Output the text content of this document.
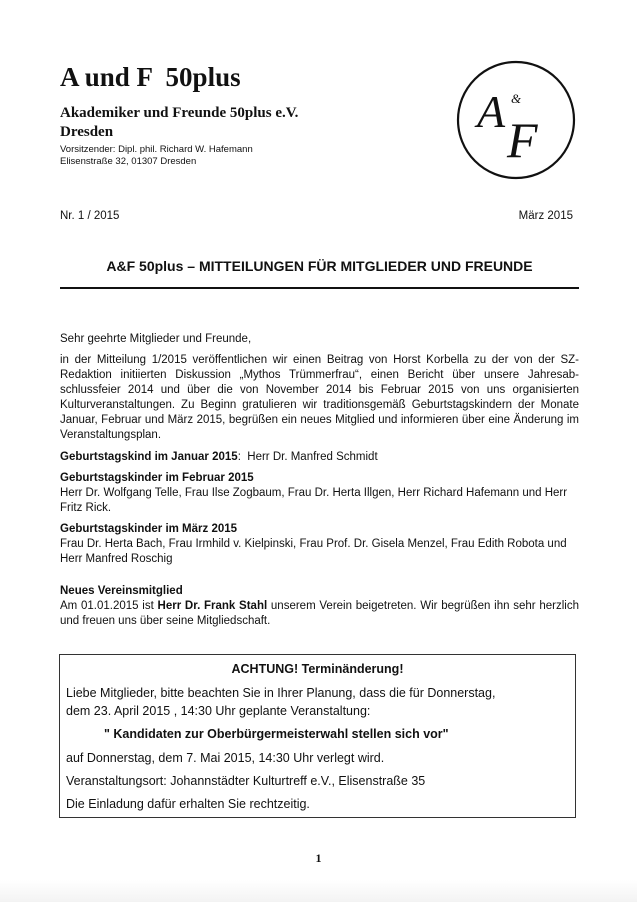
A und F  50plus
Akademiker und Freunde 50plus e.V.
Dresden
Vorsitzender: Dipl. phil. Richard W. Hafemann
Elisenstraße 32, 01307 Dresden
A &
F
Nr. 1 / 2015	März 2015
A&F 50plus – MITTEILUNGEN FÜR MITGLIEDER UND FREUNDE

Sehr geehrte Mitglieder und Freunde,

in der Mitteilung 1/2015 veröffentlichen wir einen Beitrag von Horst Korbella zu der von der SZ-Redaktion initiierten Diskussion „Mythos Trümmerfrau“, einen Bericht über unsere Jahresab-schlussfeier 2014 und über die von November 2014 bis Februar 2015 von uns organisierten Kulturveranstaltungen. Zu Beginn gratulieren wir traditionsgemäß Geburtstagskindern der Monate Januar, Februar und März 2015, begrüßen ein neues Mitglied und informieren über eine Änderung im Veranstaltungsplan.

Geburtstagskind im Januar 2015: Herr Dr. Manfred Schmidt

Geburtstagskinder im Februar 2015

Herr Dr. Wolfgang Telle, Frau Ilse Zogbaum, Frau Dr. Herta Illgen, Herr Richard Hafemann und Herr Fritz Rick.

Geburtstagskinder im März 2015

Frau Dr. Herta Bach, Frau Irmhild v. Kielpinski, Frau Prof. Dr. Gisela Menzel, Frau Edith Robota und Herr Manfred Roschig

Neues Vereinsmitglied

Am 01.01.2015 ist Herr Dr. Frank Stahl unserem Verein beigetreten. Wir begrüßen ihn sehr herzlich und freuen uns über seine Mitgliedschaft.

ACHTUNG! Terminänderung!
Liebe Mitglieder, bitte beachten Sie in Ihrer Planung, dass die für Donnerstag,
dem 23. April 2015 , 14:30 Uhr geplante Veranstaltung:
" Kandidaten zur Oberbürgermeisterwahl stellen sich vor"
auf Donnerstag, dem 7. Mai 2015, 14:30 Uhr verlegt wird.
Veranstaltungsort: Johannstädter Kulturtreff e.V., Elisenstraße 35
Die Einladung dafür erhalten Sie rechtzeitig.
1
